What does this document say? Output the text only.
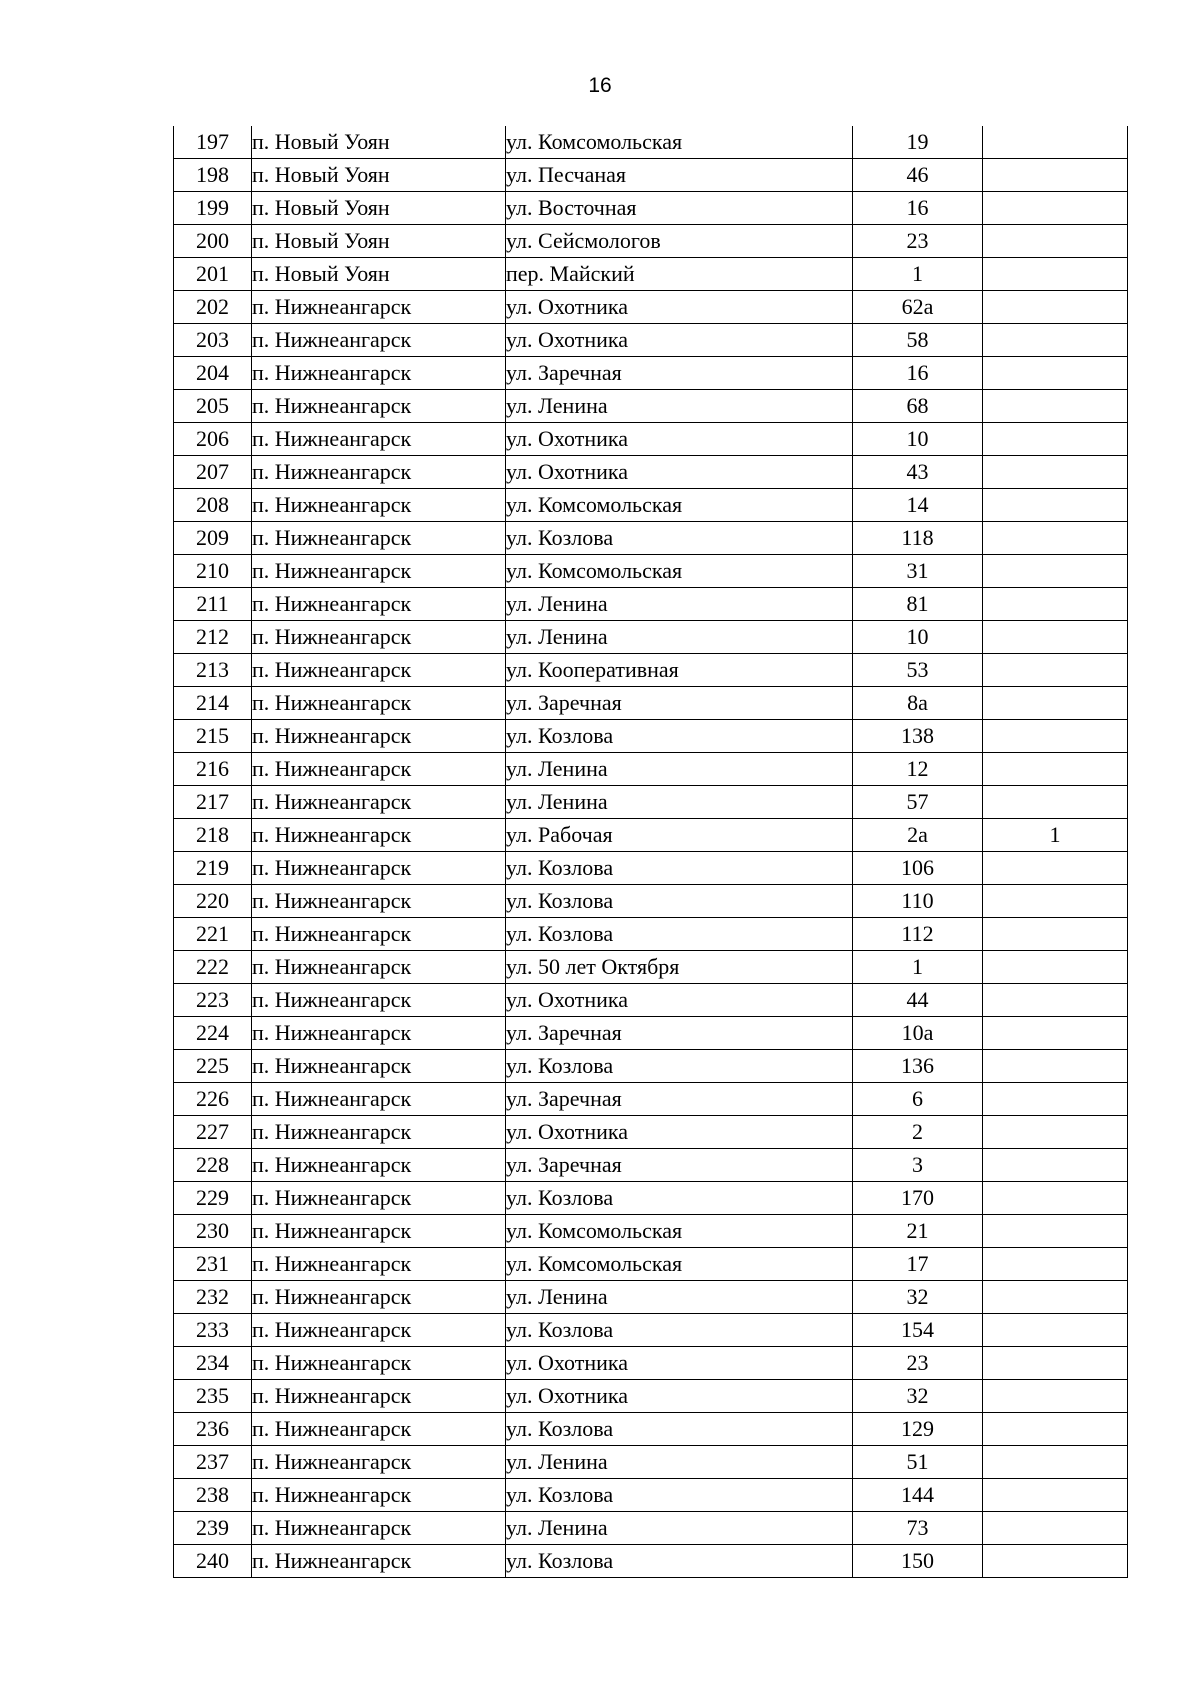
16
197	п. Новый Уоян	ул. Комсомольская	19	
198	п. Новый Уоян	ул. Песчаная	46	
199	п. Новый Уоян	ул. Восточная	16	
200	п. Новый Уоян	ул. Сейсмологов	23	
201	п. Новый Уоян	пер. Майский	1	
202	п. Нижнеангарск	ул. Охотника	62а	
203	п. Нижнеангарск	ул. Охотника	58	
204	п. Нижнеангарск	ул. Заречная	16	
205	п. Нижнеангарск	ул. Ленина	68	
206	п. Нижнеангарск	ул. Охотника	10	
207	п. Нижнеангарск	ул. Охотника	43	
208	п. Нижнеангарск	ул. Комсомольская	14	
209	п. Нижнеангарск	ул. Козлова	118	
210	п. Нижнеангарск	ул. Комсомольская	31	
211	п. Нижнеангарск	ул. Ленина	81	
212	п. Нижнеангарск	ул. Ленина	10	
213	п. Нижнеангарск	ул. Кооперативная	53	
214	п. Нижнеангарск	ул. Заречная	8а	
215	п. Нижнеангарск	ул. Козлова	138	
216	п. Нижнеангарск	ул. Ленина	12	
217	п. Нижнеангарск	ул. Ленина	57	
218	п. Нижнеангарск	ул. Рабочая	2а	1
219	п. Нижнеангарск	ул. Козлова	106	
220	п. Нижнеангарск	ул. Козлова	110	
221	п. Нижнеангарск	ул. Козлова	112	
222	п. Нижнеангарск	ул. 50 лет Октября	1	
223	п. Нижнеангарск	ул. Охотника	44	
224	п. Нижнеангарск	ул. Заречная	10а	
225	п. Нижнеангарск	ул. Козлова	136	
226	п. Нижнеангарск	ул. Заречная	6	
227	п. Нижнеангарск	ул. Охотника	2	
228	п. Нижнеангарск	ул. Заречная	3	
229	п. Нижнеангарск	ул. Козлова	170	
230	п. Нижнеангарск	ул. Комсомольская	21	
231	п. Нижнеангарск	ул. Комсомольская	17	
232	п. Нижнеангарск	ул. Ленина	32	
233	п. Нижнеангарск	ул. Козлова	154	
234	п. Нижнеангарск	ул. Охотника	23	
235	п. Нижнеангарск	ул. Охотника	32	
236	п. Нижнеангарск	ул. Козлова	129	
237	п. Нижнеангарск	ул. Ленина	51	
238	п. Нижнеангарск	ул. Козлова	144	
239	п. Нижнеангарск	ул. Ленина	73	
240	п. Нижнеангарск	ул. Козлова	150	
